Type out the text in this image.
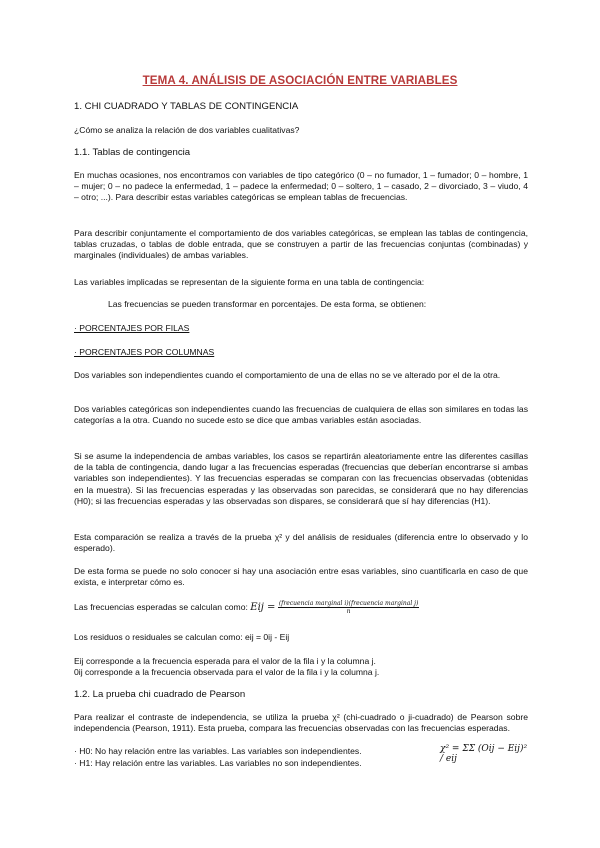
TEMA 4. ANÁLISIS DE ASOCIACIÓN ENTRE VARIABLES
1. CHI CUADRADO Y TABLAS DE CONTINGENCIA

¿Cómo se analiza la relación de dos variables cualitativas?

1.1. Tablas de contingencia

En muchas ocasiones, nos encontramos con variables de tipo categórico (0 – no fumador, 1 – fumador; 0 – hombre, 1 – mujer; 0 – no padece la enfermedad, 1 – padece la enfermedad; 0 – soltero, 1 – casado, 2 – divorciado, 3 – viudo, 4 – otro; ...). Para describir estas variables categóricas se emplean tablas de frecuencias.

Para describir conjuntamente el comportamiento de dos variables categóricas, se emplean las tablas de contingencia, tablas cruzadas, o tablas de doble entrada, que se construyen a partir de las frecuencias conjuntas (combinadas) y marginales (individuales) de ambas variables.

Las variables implicadas se representan de la siguiente forma en una tabla de contingencia:

Las frecuencias se pueden transformar en porcentajes. De esta forma, se obtienen:

· PORCENTAJES POR FILAS

· PORCENTAJES POR COLUMNAS

Dos variables son independientes cuando el comportamiento de una de ellas no se ve alterado por el de la otra.

Dos variables categóricas son independientes cuando las frecuencias de cualquiera de ellas son similares en todas las categorías a la otra. Cuando no sucede esto se dice que ambas variables están asociadas.

Si se asume la independencia de ambas variables, los casos se repartirán aleatoriamente entre las diferentes casillas de la tabla de contingencia, dando lugar a las frecuencias esperadas (frecuencias que deberían encontrarse si ambas variables son independientes). Y las frecuencias esperadas se comparan con las frecuencias observadas (obtenidas en la muestra). Si las frecuencias esperadas y las observadas son parecidas, se considerará que no hay diferencias (H0); si las frecuencias esperadas y las observadas son dispares, se considerará que sí hay diferencias (H1).

Esta comparación se realiza a través de la prueba χ² y del análisis de residuales (diferencia entre lo observado y lo esperado).

De esta forma se puede no solo conocer si hay una asociación entre esas variables, sino cuantificarla en caso de que exista, e interpretar cómo es.

Las frecuencias esperadas se calculan como: Eij = $\frac{\text{(frecuencia marginal i)(frecuencia marginal j)}}{n}$

Los residuos o residuales se calculan como: eij = 0ij - Eij

Eij corresponde a la frecuencia esperada para el valor de la fila i y la columna j.

0ij corresponde a la frecuencia observada para el valor de la fila i y la columna j.

1.2. La prueba chi cuadrado de Pearson

Para realizar el contraste de independencia, se utiliza la prueba χ² (chi-cuadrado o ji-cuadrado) de Pearson sobre independencia (Pearson, 1911). Esta prueba, compara las frecuencias observadas con las frecuencias esperadas.

· H0: No hay relación entre las variables. Las variables son independientes.

· H1: Hay relación entre las variables. Las variables no son independientes.

χ² = ΣΣ (Oij − Eij)² / eij
